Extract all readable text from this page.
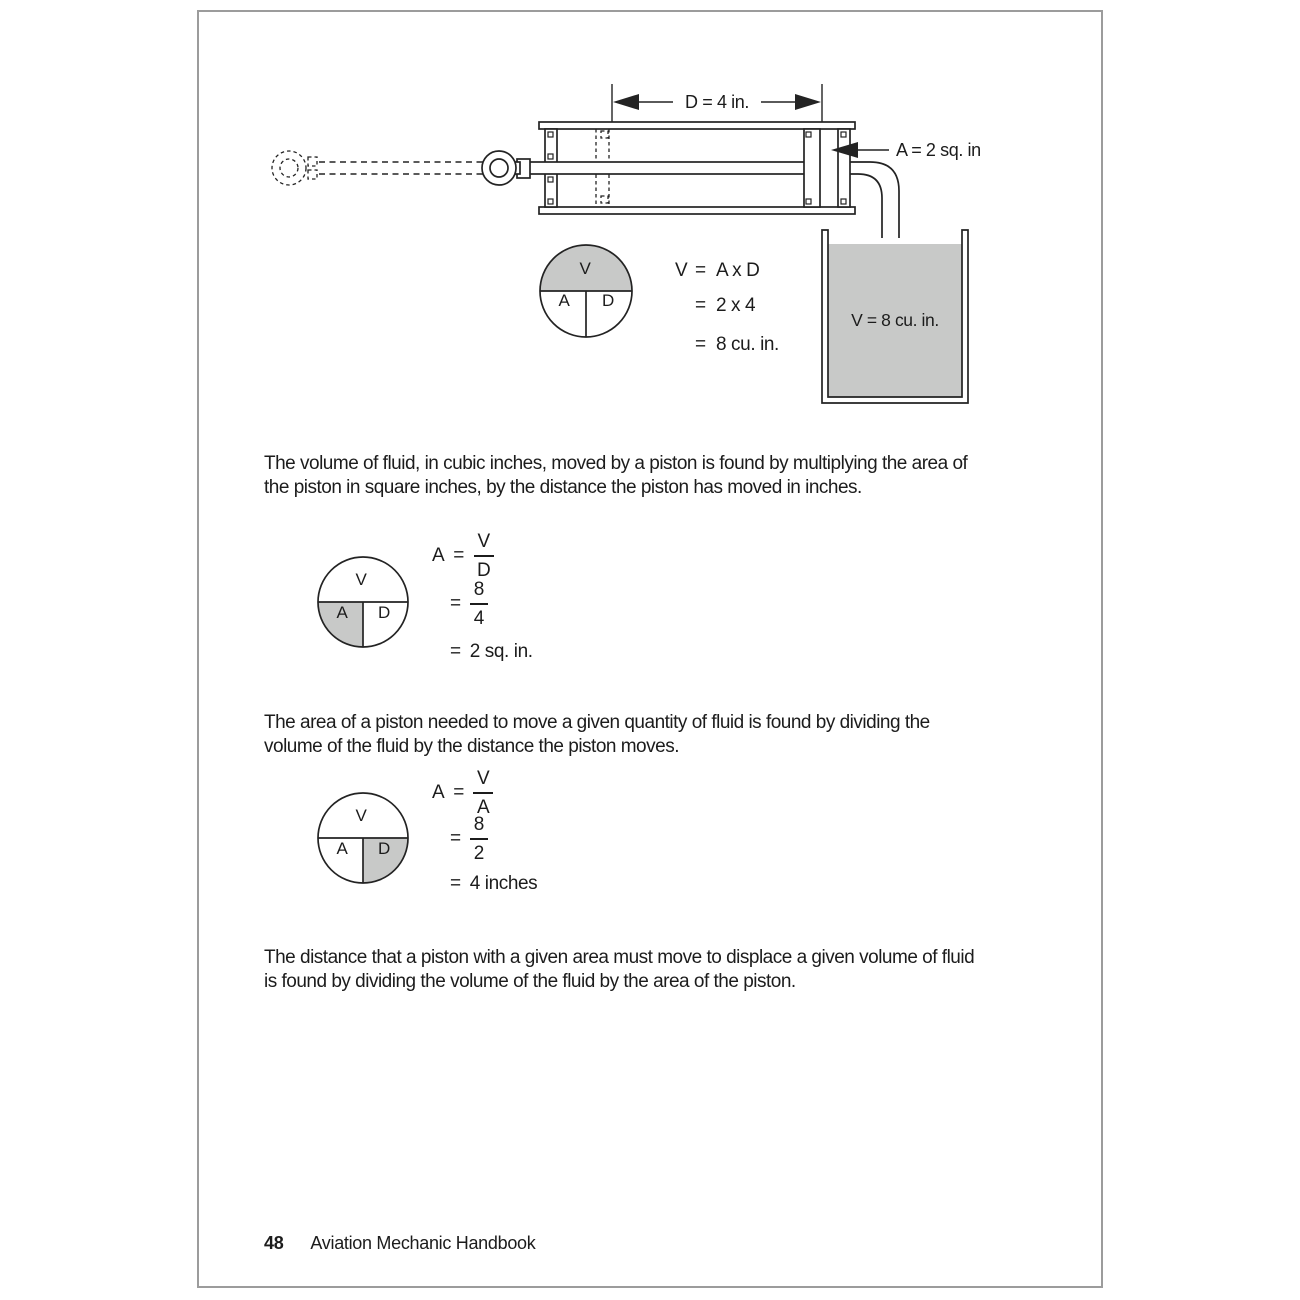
D = 4 in.
A = 2 sq. in
V = 8 cu. in.
V
A D
V = A x D
= 2 x 4
= 8 cu. in.

The volume of fluid, in cubic inches, moved by a piston is found by multiplying the area of the piston in square inches, by the distance the piston has moved in inches.

V
A D
$A = \frac{V}{D}$
= $\frac{8}{4}$
= 2 sq. in.

The area of a piston needed to move a given quantity of fluid is found by dividing the volume of the fluid by the distance the piston moves.

V
A D
$A = \frac{V}{A}$
= $\frac{8}{2}$
= 4 inches

The distance that a piston with a given area must move to displace a given volume of fluid is found by dividing the volume of the fluid by the area of the piston.

48 Aviation Mechanic Handbook
